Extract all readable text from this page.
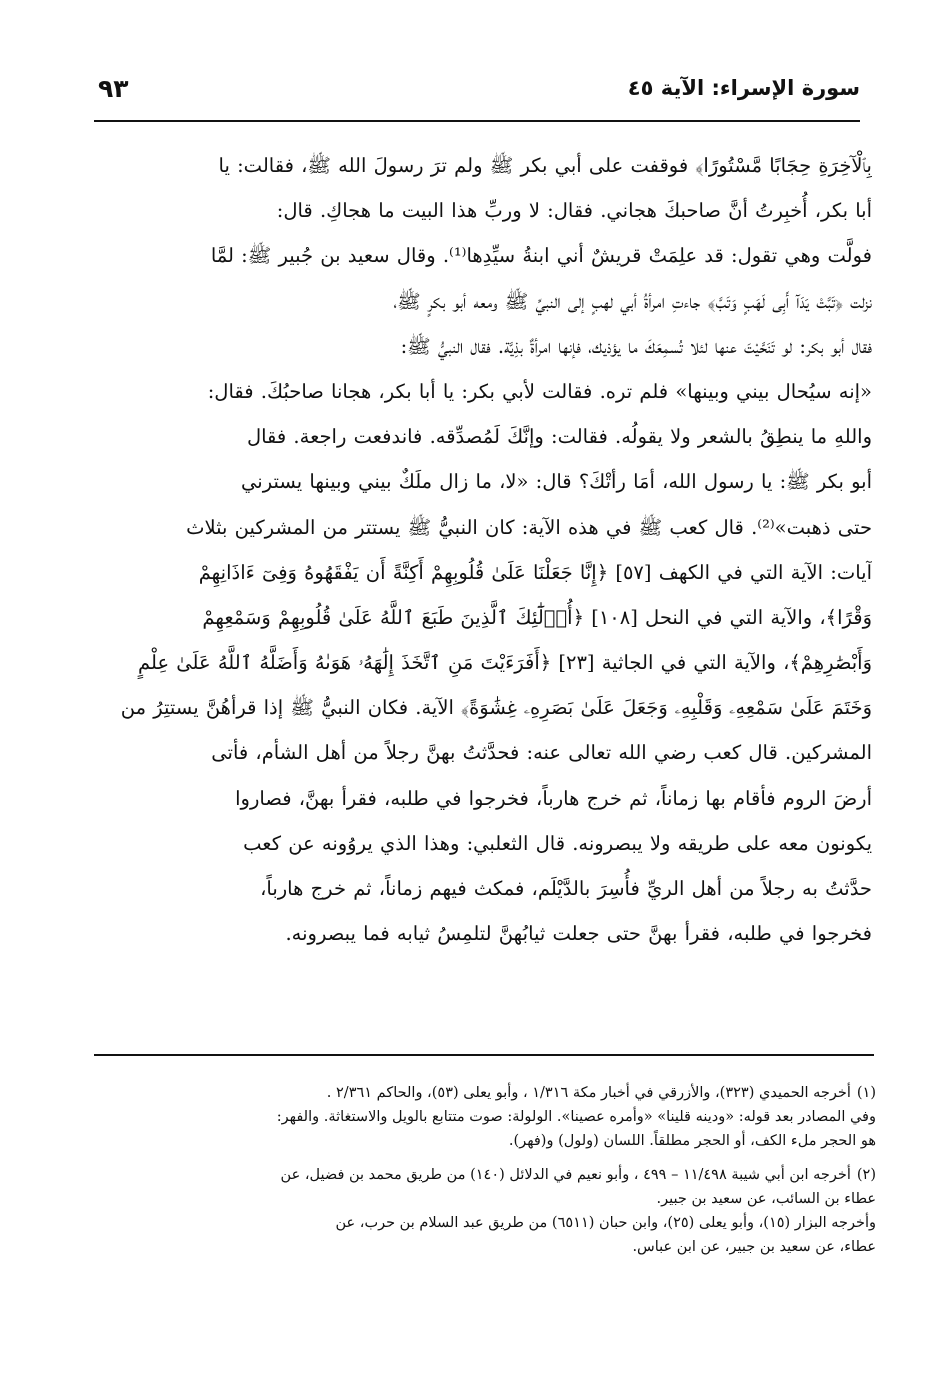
سورة الإسراء: الآية ٤٥
٩٣
بِٱلْآخِرَةِ حِجَابًا مَّسْتُورًا﴾ فوقفت على أبي بكر ﷺ ولم ترَ رسولَ الله ﷺ، فقالت: يا
أبا بكر، أُخبِرتُ أنَّ صاحبكَ هجاني. فقال: لا وربِّ هذا البيت ما هجاكِ. قال:
فولَّت وهي تقول: قد علِمَتْ قريشٌ أني ابنةُ سيِّدِها⁽¹⁾. وقال سعيد بن جُبير ﷺ: لمَّا
نزلت ﴿تَبَّتْ يَدَآ أَبِى لَهَبٍ وَتَبَّ﴾ جاءتِ امرأةُ أبي لهبٍ إلى النبيِّ ﷺ ومعه أبو بكرٍ ﷺ،
فقال أبو بكر: لو تَنَحَّيْتَ عنها لئلا تُسمِعَكَ ما يؤذيك، فإنها امرأةٌ بذِيَّة. فقال النبيُّ ﷺ:
«إنه سيُحال بيني وبينها» فلم تره. فقالت لأبي بكر: يا أبا بكر، هجانا صاحبُكَ. فقال:
واللهِ ما ينطِقُ بالشعر ولا يقولُه. فقالت: وإنَّكَ لَمُصدِّقه. فاندفعت راجعة. فقال
أبو بكر ﷺ: يا رسول الله، أمَا رأتْكَ؟ قال: «لا، ما زال ملَكٌ بيني وبينها يسترني
حتى ذهبت»⁽²⁾. قال كعب ﷺ في هذه الآية: كان النبيُّ ﷺ يستتر من المشركين بثلاث
آيات: الآية التي في الكهف [٥٧] ﴿إِنَّا جَعَلْنَا عَلَىٰ قُلُوبِهِمْ أَكِنَّةً أَن يَفْقَهُوهُ وَفِىٓ ءَاذَانِهِمْ
وَقْرًا﴾، والآية التي في النحل [١٠٨] ﴿أُو۟لَٰٓئِكَ ٱلَّذِينَ طَبَعَ ٱللَّهُ عَلَىٰ قُلُوبِهِمْ وَسَمْعِهِمْ
وَأَبْصَٰرِهِمْ﴾، والآية التي في الجاثية [٢٣] ﴿أَفَرَءَيْتَ مَنِ ٱتَّخَذَ إِلَٰهَهُۥ هَوَىٰهُ وَأَضَلَّهُ ٱللَّهُ عَلَىٰ عِلْمٍ
وَخَتَمَ عَلَىٰ سَمْعِهِۦ وَقَلْبِهِۦ وَجَعَلَ عَلَىٰ بَصَرِهِۦ غِشَٰوَةً﴾ الآية. فكان النبيُّ ﷺ إذا قرأهُنَّ يستتِرُ من
المشركين. قال كعب رضي الله تعالى عنه: فحدَّثتُ بهنَّ رجلاً من أهل الشأم، فأتى
أرضَ الروم فأقام بها زماناً، ثم خرج هارباً، فخرجوا في طلبه، فقرأ بهنَّ، فصاروا
يكونون معه على طريقه ولا يبصرونه. قال الثعلبي: وهذا الذي يروُونه عن كعب
حدَّثتُ به رجلاً من أهل الريِّ فأُسِرَ بالدَّيْلَم، فمكث فيهم زماناً، ثم خرج هارباً،
فخرجوا في طلبه، فقرأ بهنَّ حتى جعلت ثيابُهنَّ لتلمِسُ ثيابه فما يبصرونه.
(١)أخرجه الحميدي (٣٢٣)، والأزرقي في أخبار مكة ١/٣١٦ ، وأبو يعلى (٥٣)، والحاكم ٢/٣٦١ .
وفي المصادر بعد قوله: «ودينه قلينا» «وأمره عصينا». الولولة: صوت متتابع بالويل والاستغاثة. والفهر:
هو الحجر ملء الكف، أو الحجر مطلقاً. اللسان (ولول) و(فهر).
(٢)أخرجه ابن أبي شيبة ١١/٤٩٨ – ٤٩٩ ، وأبو نعيم في الدلائل (١٤٠) من طريق محمد بن فضيل، عن
عطاء بن السائب، عن سعيد بن جبير.
وأخرجه البزار (١٥)، وأبو يعلى (٢٥)، وابن حبان (٦٥١١) من طريق عبد السلام بن حرب، عن
عطاء، عن سعيد بن جبير، عن ابن عباس.
